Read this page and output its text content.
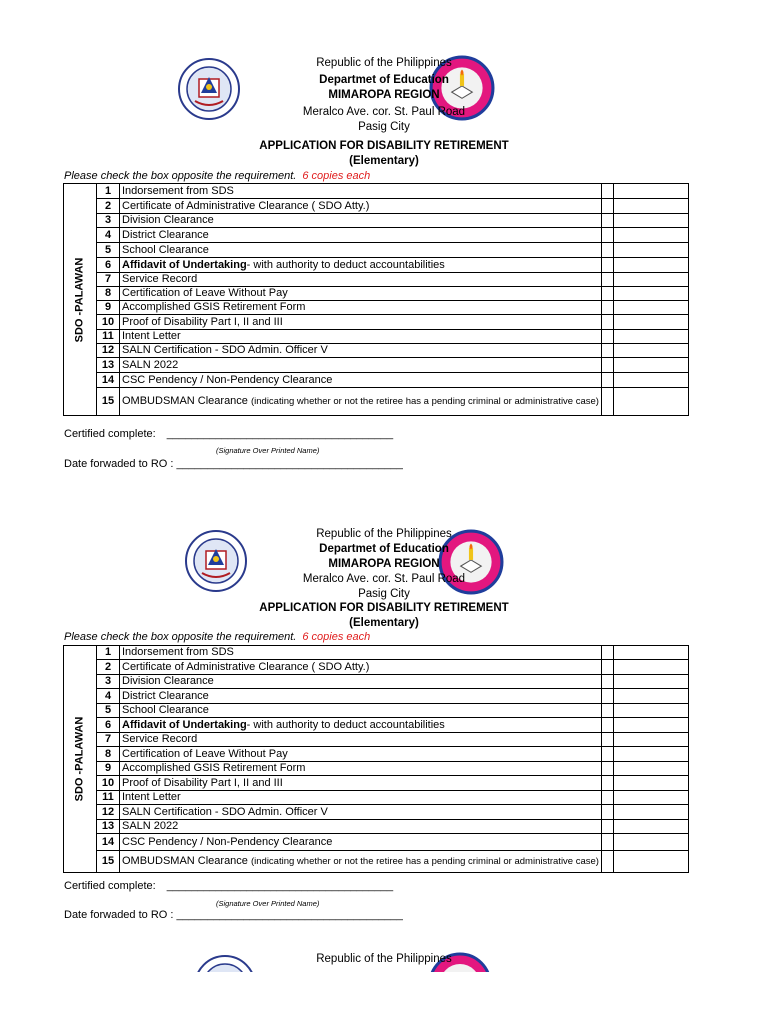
Republic of the Philippines
Departmet of Education
MIMAROPA REGION
Meralco Ave. cor. St. Paul Road
Pasig City
APPLICATION FOR DISABILITY RETIREMENT
(Elementary)
Please check the box opposite the requirement. 6 copies each
SDO -PALAWAN	1	Indorsement from SDS		
	2	Certificate of Administrative Clearance ( SDO Atty.)		
	3	Division Clearance		
	4	District Clearance		
	5	School Clearance		
	6	Affidavit of Undertaking- with authority to deduct accountabilities		
	7	Service Record		
	8	Certification of Leave Without Pay		
	9	Accomplished GSIS Retirement Form		
	10	Proof of Disability Part I, II and III		
	11	Intent Letter		
	12	SALN Certification - SDO Admin. Officer V		
	13	SALN 2022		
	14	CSC Pendency / Non-Pendency Clearance		
	15	OMBUDSMAN Clearance (indicating whether or not the retiree has a pending criminal or administrative case)		
Certified complete: _____________________________________
(Signature Over Printed Name)
Date forwaded to RO : _____________________________________
Republic of the Philippines
Departmet of Education
MIMAROPA REGION
Meralco Ave. cor. St. Paul Road
Pasig City
APPLICATION FOR DISABILITY RETIREMENT
(Elementary)
Please check the box opposite the requirement. 6 copies each
SDO -PALAWAN	1	Indorsement from SDS		
	2	Certificate of Administrative Clearance ( SDO Atty.)		
	3	Division Clearance		
	4	District Clearance		
	5	School Clearance		
	6	Affidavit of Undertaking- with authority to deduct accountabilities		
	7	Service Record		
	8	Certification of Leave Without Pay		
	9	Accomplished GSIS Retirement Form		
	10	Proof of Disability Part I, II and III		
	11	Intent Letter		
	12	SALN Certification - SDO Admin. Officer V		
	13	SALN 2022		
	14	CSC Pendency / Non-Pendency Clearance		
	15	OMBUDSMAN Clearance (indicating whether or not the retiree has a pending criminal or administrative case)		
Certified complete: _____________________________________
(Signature Over Printed Name)
Date forwaded to RO : _____________________________________
Republic of the Philippines
